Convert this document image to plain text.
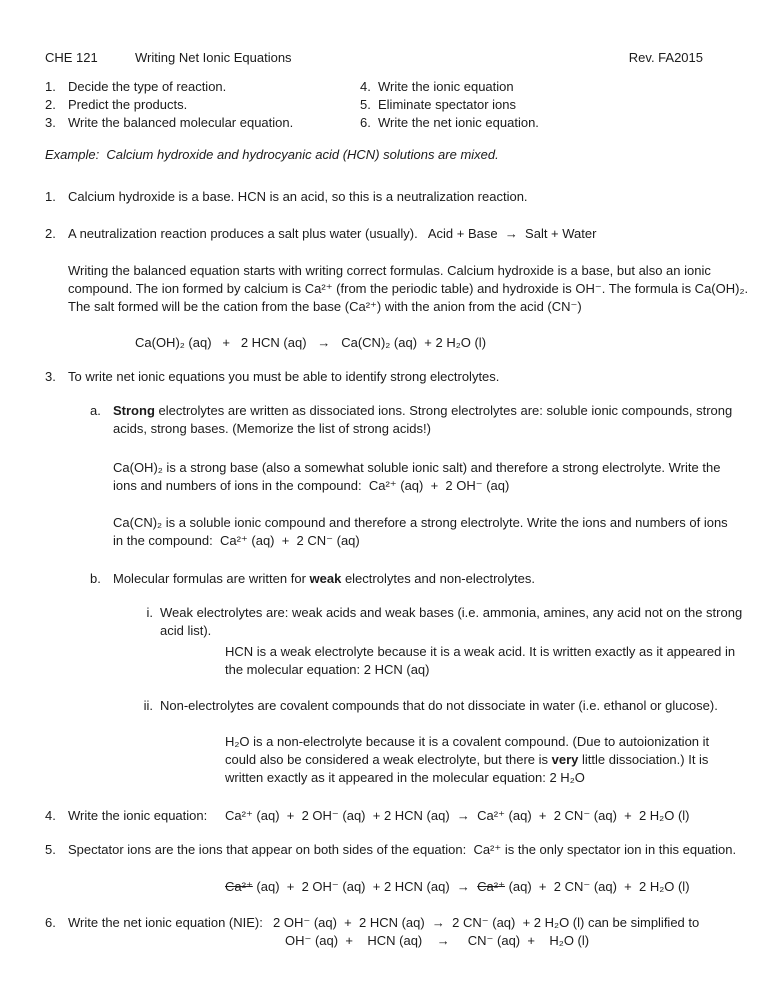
CHE 121	Writing Net Ionic Equations	Rev. FA2015
1. Decide the type of reaction.
2. Predict the products.
3. Write the balanced molecular equation.
4. Write the ionic equation
5. Eliminate spectator ions
6. Write the net ionic equation.
Example:  Calcium hydroxide and hydrocyanic acid (HCN) solutions are mixed.
1. Calcium hydroxide is a base. HCN is an acid, so this is a neutralization reaction.
2. A neutralization reaction produces a salt plus water (usually).   Acid + Base  →  Salt + Water
Writing the balanced equation starts with writing correct formulas. Calcium hydroxide is a base, but also an ionic
compound. The ion formed by calcium is Ca²⁺ (from the periodic table) and hydroxide is OH⁻. The formula is Ca(OH)₂.
The salt formed will be the cation from the base (Ca²⁺) with the anion from the acid (CN⁻)
Ca(OH)₂ (aq)   +   2 HCN (aq)   →   Ca(CN)₂ (aq)  + 2 H₂O (l)
3. To write net ionic equations you must be able to identify strong electrolytes.
a. Strong electrolytes are written as dissociated ions. Strong electrolytes are: soluble ionic compounds, strong
acids, strong bases. (Memorize the list of strong acids!)
Ca(OH)₂ is a strong base (also a somewhat soluble ionic salt) and therefore a strong electrolyte. Write the
ions and numbers of ions in the compound:  Ca²⁺ (aq)  +  2 OH⁻ (aq)
Ca(CN)₂ is a soluble ionic compound and therefore a strong electrolyte. Write the ions and numbers of ions
in the compound:  Ca²⁺ (aq)  +  2 CN⁻ (aq)
b. Molecular formulas are written for weak electrolytes and non-electrolytes.
i. Weak electrolytes are: weak acids and weak bases (i.e. ammonia, amines, any acid not on the strong
acid list).
HCN is a weak electrolyte because it is a weak acid. It is written exactly as it appeared in
the molecular equation: 2 HCN (aq)
ii. Non-electrolytes are covalent compounds that do not dissociate in water (i.e. ethanol or glucose).
H₂O is a non-electrolyte because it is a covalent compound. (Due to autoionization it
could also be considered a weak electrolyte, but there is very little dissociation.) It is
written exactly as it appeared in the molecular equation: 2 H₂O
4. Write the ionic equation: Ca²⁺ (aq)  +  2 OH⁻ (aq)  + 2 HCN (aq)  →  Ca²⁺ (aq)  +  2 CN⁻ (aq)  +  2 H₂O (l)
5. Spectator ions are the ions that appear on both sides of the equation:  Ca²⁺ is the only spectator ion in this equation.
Ca²⁺ (aq)  +  2 OH⁻ (aq)  + 2 HCN (aq)  →  Ca²⁺ (aq)  +  2 CN⁻ (aq)  +  2 H₂O (l)
6. Write the net ionic equation (NIE): 2 OH⁻ (aq)  +  2 HCN (aq)  →  2 CN⁻ (aq)  + 2 H₂O (l) can be simplified to
OH⁻ (aq)  +    HCN (aq)    →     CN⁻ (aq)  +    H₂O (l)
